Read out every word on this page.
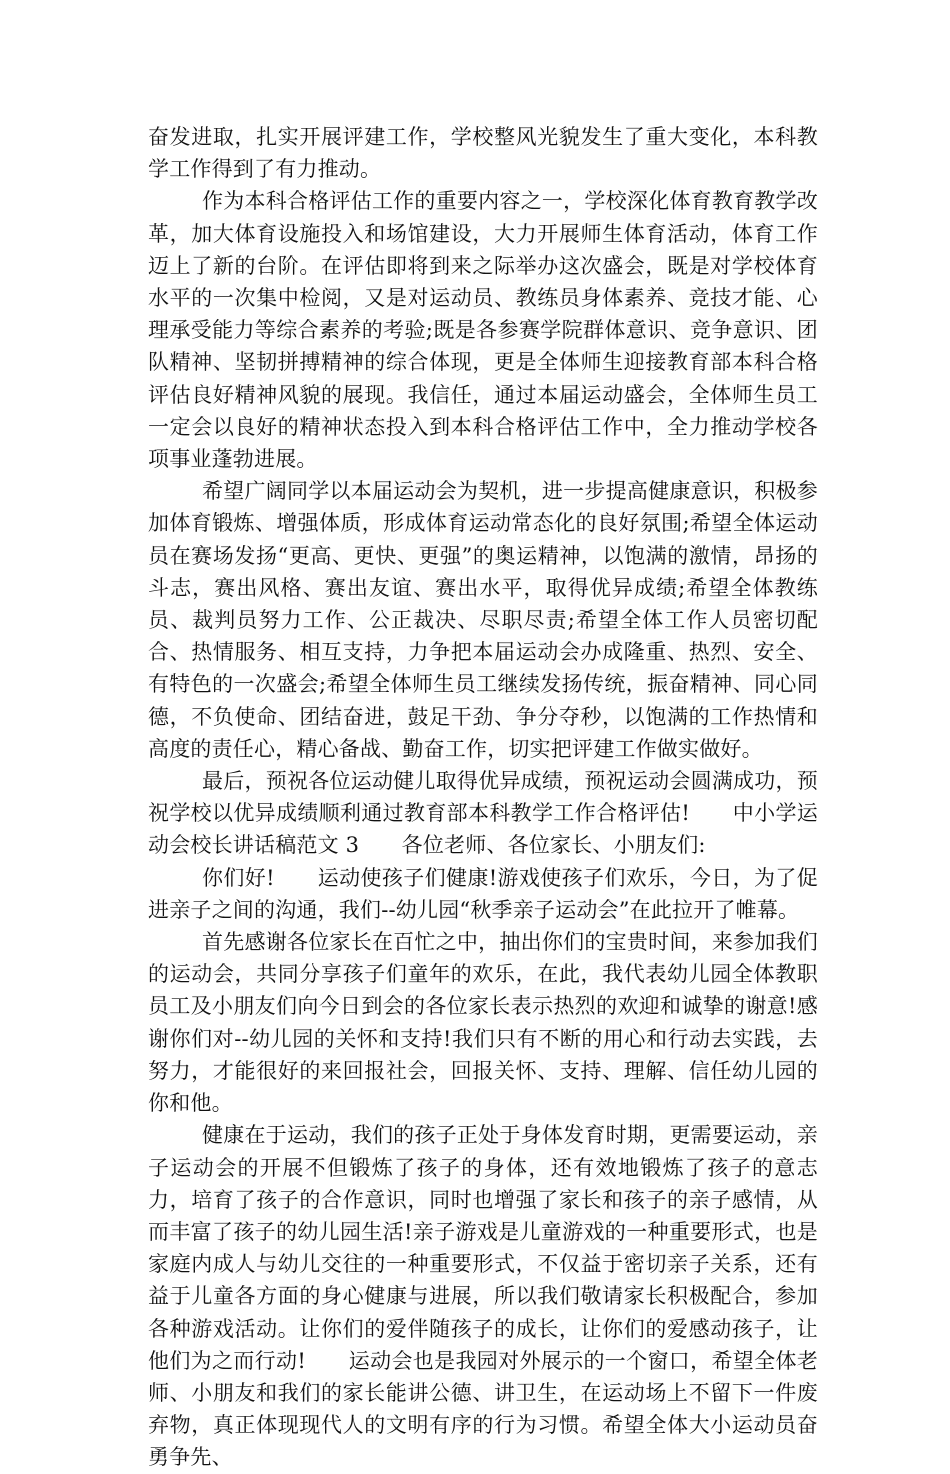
奋发进取，扎实开展评建工作，学校整风光貌发生了重大变化，本科教学工作得到了有力推动。

作为本科合格评估工作的重要内容之一，学校深化体育教育教学改革，加大体育设施投入和场馆建设，大力开展师生体育活动，体育工作迈上了新的台阶。在评估即将到来之际举办这次盛会，既是对学校体育水平的一次集中检阅，又是对运动员、教练员身体素养、竞技才能、心理承受能力等综合素养的考验;既是各参赛学院群体意识、竞争意识、团队精神、坚韧拼搏精神的综合体现，更是全体师生迎接教育部本科合格评估良好精神风貌的展现。我信任，通过本届运动盛会，全体师生员工一定会以良好的精神状态投入到本科合格评估工作中，全力推动学校各项事业蓬勃进展。

希望广阔同学以本届运动会为契机，进一步提高健康意识，积极参加体育锻炼、增强体质，形成体育运动常态化的良好氛围;希望全体运动员在赛场发扬“更高、更快、更强”的奥运精神，以饱满的激情，昂扬的斗志，赛出风格、赛出友谊、赛出水平，取得优异成绩;希望全体教练员、裁判员努力工作、公正裁决、尽职尽责;希望全体工作人员密切配合、热情服务、相互支持，力争把本届运动会办成隆重、热烈、安全、有特色的一次盛会;希望全体师生员工继续发扬传统，振奋精神、同心同德，不负使命、团结奋进，鼓足干劲、争分夺秒，以饱满的工作热情和高度的责任心，精心备战、勤奋工作，切实把评建工作做实做好。

最后，预祝各位运动健儿取得优异成绩，预祝运动会圆满成功，预祝学校以优异成绩顺利通过教育部本科教学工作合格评估!　　中小学运动会校长讲话稿范文 3　　各位老师、各位家长、小朋友们:

你们好!　　运动使孩子们健康!游戏使孩子们欢乐，今日，为了促进亲子之间的沟通，我们--幼儿园“秋季亲子运动会”在此拉开了帷幕。

首先感谢各位家长在百忙之中，抽出你们的宝贵时间，来参加我们的运动会，共同分享孩子们童年的欢乐，在此，我代表幼儿园全体教职员工及小朋友们向今日到会的各位家长表示热烈的欢迎和诚挚的谢意!感谢你们对--幼儿园的关怀和支持!我们只有不断的用心和行动去实践，去努力，才能很好的来回报社会，回报关怀、支持、理解、信任幼儿园的你和他。

健康在于运动，我们的孩子正处于身体发育时期，更需要运动，亲子运动会的开展不但锻炼了孩子的身体，还有效地锻炼了孩子的意志力，培育了孩子的合作意识，同时也增强了家长和孩子的亲子感情，从而丰富了孩子的幼儿园生活!亲子游戏是儿童游戏的一种重要形式，也是家庭内成人与幼儿交往的一种重要形式，不仅益于密切亲子关系，还有益于儿童各方面的身心健康与进展，所以我们敬请家长积极配合，参加各种游戏活动。让你们的爱伴随孩子的成长，让你们的爱感动孩子，让他们为之而行动!　　运动会也是我园对外展示的一个窗口，希望全体老师、小朋友和我们的家长能讲公德、讲卫生，在运动场上不留下一件废弃物，真正体现现代人的文明有序的行为习惯。希望全体大小运动员奋勇争先、
